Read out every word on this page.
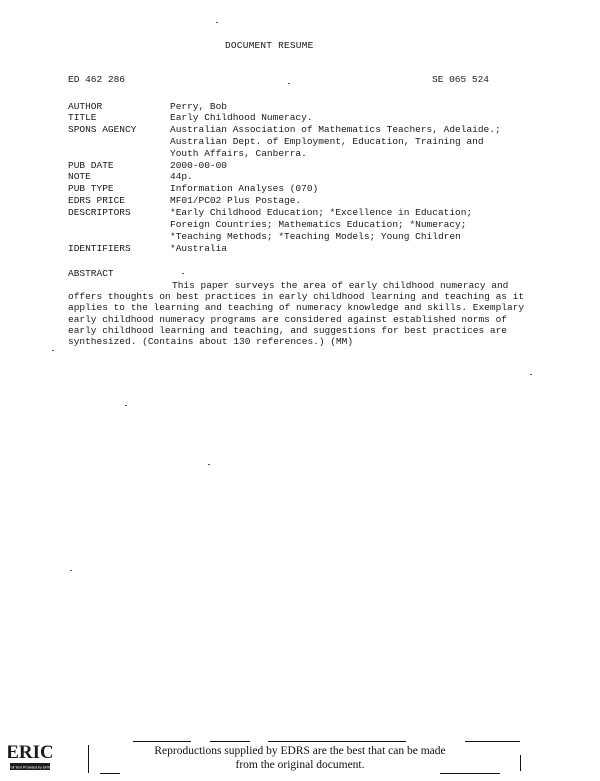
DOCUMENT RESUME
ED 462 286	SE 065 524
AUTHOR	Perry, Bob
TITLE	Early Childhood Numeracy.
SPONS AGENCY	Australian Association of Mathematics Teachers, Adelaide.;
Australian Dept. of Employment, Education, Training and
Youth Affairs, Canberra.
PUB DATE	2000-00-00
NOTE	44p.
PUB TYPE	Information Analyses (070)
EDRS PRICE	MF01/PC02 Plus Postage.
DESCRIPTORS	*Early Childhood Education; *Excellence in Education;
Foreign Countries; Mathematics Education; *Numeracy;
*Teaching Methods; *Teaching Models; Young Children
IDENTIFIERS	*Australia
ABSTRACT

This paper surveys the area of early childhood numeracy and offers thoughts on best practices in early childhood learning and teaching as it applies to the learning and teaching of numeracy knowledge and skills. Exemplary early childhood numeracy programs are considered against established norms of early childhood learning and teaching, and suggestions for best practices are synthesized. (Contains about 130 references.) (MM)

Reproductions supplied by EDRS are the best that can be made
from the original document.
ERIC
Full Text Provided by ERIC
